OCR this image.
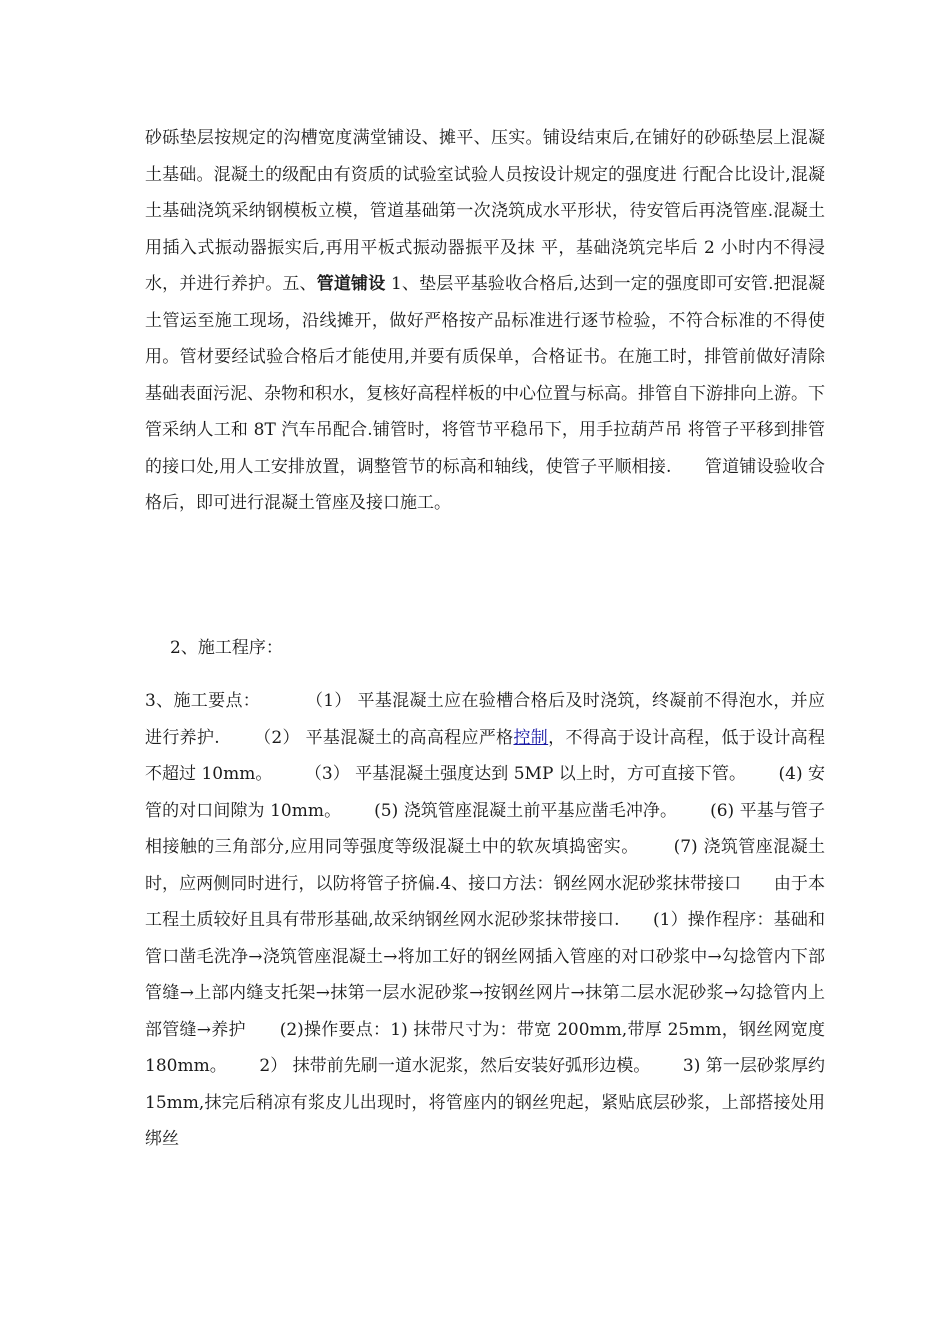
砂砾垫层按规定的沟槽宽度满堂铺设、摊平、压实。铺设结束后,在铺好的砂砾垫层上混凝土基础。混凝土的级配由有资质的试验室试验人员按设计规定的强度进 行配合比设计,混凝土基础浇筑采纳钢模板立模，管道基础第一次浇筑成水平形状，待安管后再浇管座.混凝土用插入式振动器振实后,再用平板式振动器振平及抹 平，基础浇筑完毕后 2 小时内不得浸水，并进行养护。五、管道铺设 1、垫层平基验收合格后,达到一定的强度即可安管.把混凝土管运至施工现场，沿线摊开，做好严格按产品标准进行逐节检验，不符合标准的不得使用。管材要经试验合格后才能使用,并要有质保单，合格证书。在施工时，排管前做好清除 基础表面污泥、杂物和积水，复核好高程样板的中心位置与标高。排管自下游排向上游。下管采纳人工和 8T 汽车吊配合.铺管时，将管节平稳吊下，用手拉葫芦吊 将管子平移到排管的接口处,用人工安排放置，调整管节的标高和轴线，使管子平顺相接.      管道铺设验收合格后，即可进行混凝土管座及接口施工。
2、施工程序：
3、施工要点：        （1） 平基混凝土应在验槽合格后及时浇筑，终凝前不得泡水，并应进行养护.      （2） 平基混凝土的高高程应严格控制，不得高于设计高程，低于设计高程不超过 10mm。      （3） 平基混凝土强度达到 5MP 以上时，方可直接下管。      (4) 安管的对口间隙为 10mm。      (5) 浇筑管座混凝土前平基应凿毛冲净。      (6) 平基与管子相接触的三角部分,应用同等强度等级混凝土中的软灰填捣密实。      (7) 浇筑管座混凝土时，应两侧同时进行，以防将管子挤偏.4、接口方法：钢丝网水泥砂浆抹带接口      由于本工程土质较好且具有带形基础,故采纳钢丝网水泥砂浆抹带接口.      (1）操作程序：基础和管口凿毛洗净→浇筑管座混凝土→将加工好的钢丝网插入管座的对口砂浆中→勾捻管内下部管缝→上部内缝支托架→抹第一层水泥砂浆→按钢丝网片→抹第二层水泥砂浆→勾捻管内上部管缝→养护      (2)操作要点：1) 抹带尺寸为：带宽 200mm,带厚 25mm，钢丝网宽度 180mm。      2） 抹带前先刷一道水泥浆，然后安装好弧形边模。      3) 第一层砂浆厚约 15mm,抹完后稍凉有浆皮儿出现时，将管座内的钢丝兜起，紧贴底层砂浆，上部搭接处用绑丝
